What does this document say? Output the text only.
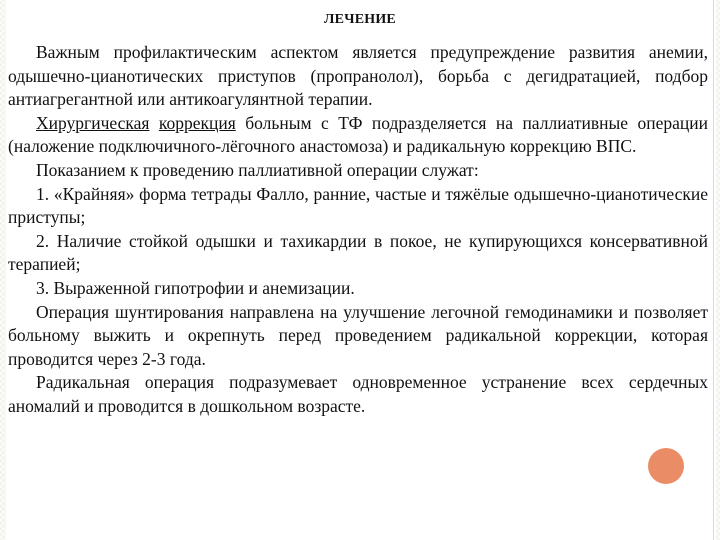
ЛЕЧЕНИЕ

Важным профилактическим аспектом является предупреждение развития анемии, одышечно-цианотических приступов (пропранолол), борьба с дегидратацией, подбор антиагрегантной или антикоагулянтной терапии.

Хирургическая коррекция больным с ТФ подразделяется на паллиативные операции (наложение подключичного-лёгочного анастомоза) и радикальную коррекцию ВПС.

Показанием к проведению паллиативной операции служат:

1. «Крайняя» форма тетрады Фалло, ранние, частые и тяжёлые одышечно-цианотические приступы;

2. Наличие стойкой одышки и тахикардии в покое, не купирующихся консервативной терапией;

3. Выраженной гипотрофии и анемизации.

Операция шунтирования направлена на улучшение легочной гемодинамики и позволяет больному выжить и окрепнуть перед проведением радикальной коррекции, которая проводится через 2-3 года.

Радикальная операция подразумевает одновременное устранение всех сердечных аномалий и проводится в дошкольном возрасте.
